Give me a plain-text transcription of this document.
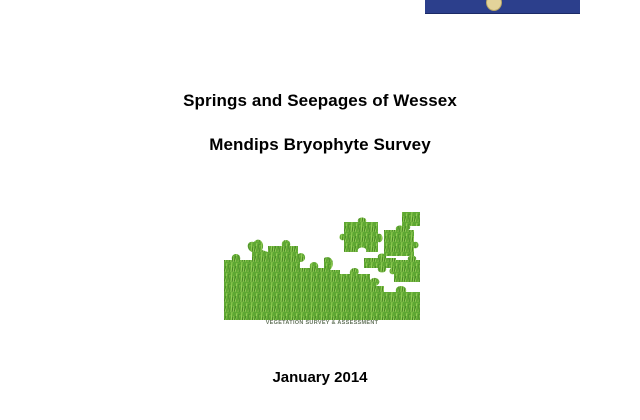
Springs and Seepages of Wessex
Mendips Bryophyte Survey

VEGETATION SURVEY & ASSESSMENT

January 2014
